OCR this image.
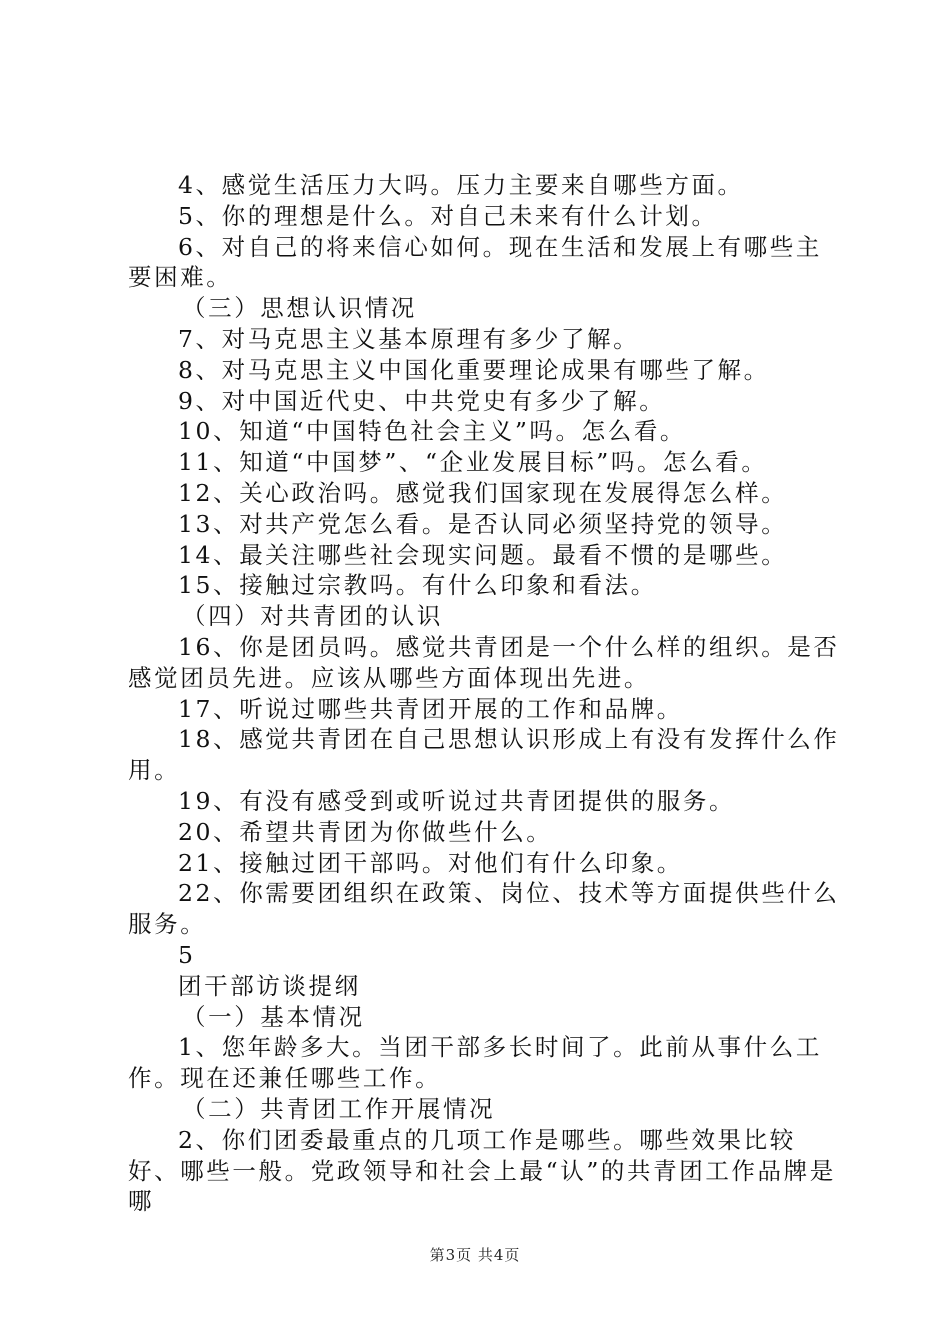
4、感觉生活压力大吗。压力主要来自哪些方面。

5、你的理想是什么。对自己未来有什么计划。

6、对自己的将来信心如何。现在生活和发展上有哪些主要困难。

（三）思想认识情况

7、对马克思主义基本原理有多少了解。

8、对马克思主义中国化重要理论成果有哪些了解。

9、对中国近代史、中共党史有多少了解。

10、知道“中国特色社会主义”吗。怎么看。

11、知道“中国梦”、“企业发展目标”吗。怎么看。

12、关心政治吗。感觉我们国家现在发展得怎么样。

13、对共产党怎么看。是否认同必须坚持党的领导。

14、最关注哪些社会现实问题。最看不惯的是哪些。

15、接触过宗教吗。有什么印象和看法。

（四）对共青团的认识

16、你是团员吗。感觉共青团是一个什么样的组织。是否感觉团员先进。应该从哪些方面体现出先进。

17、听说过哪些共青团开展的工作和品牌。

18、感觉共青团在自己思想认识形成上有没有发挥什么作用。

19、有没有感受到或听说过共青团提供的服务。

20、希望共青团为你做些什么。

21、接触过团干部吗。对他们有什么印象。

22、你需要团组织在政策、岗位、技术等方面提供些什么服务。

5

团干部访谈提纲

（一）基本情况

1、您年龄多大。当团干部多长时间了。此前从事什么工作。现在还兼任哪些工作。

（二）共青团工作开展情况

2、你们团委最重点的几项工作是哪些。哪些效果比较好、哪些一般。党政领导和社会上最“认”的共青团工作品牌是哪

第3页 共4页
